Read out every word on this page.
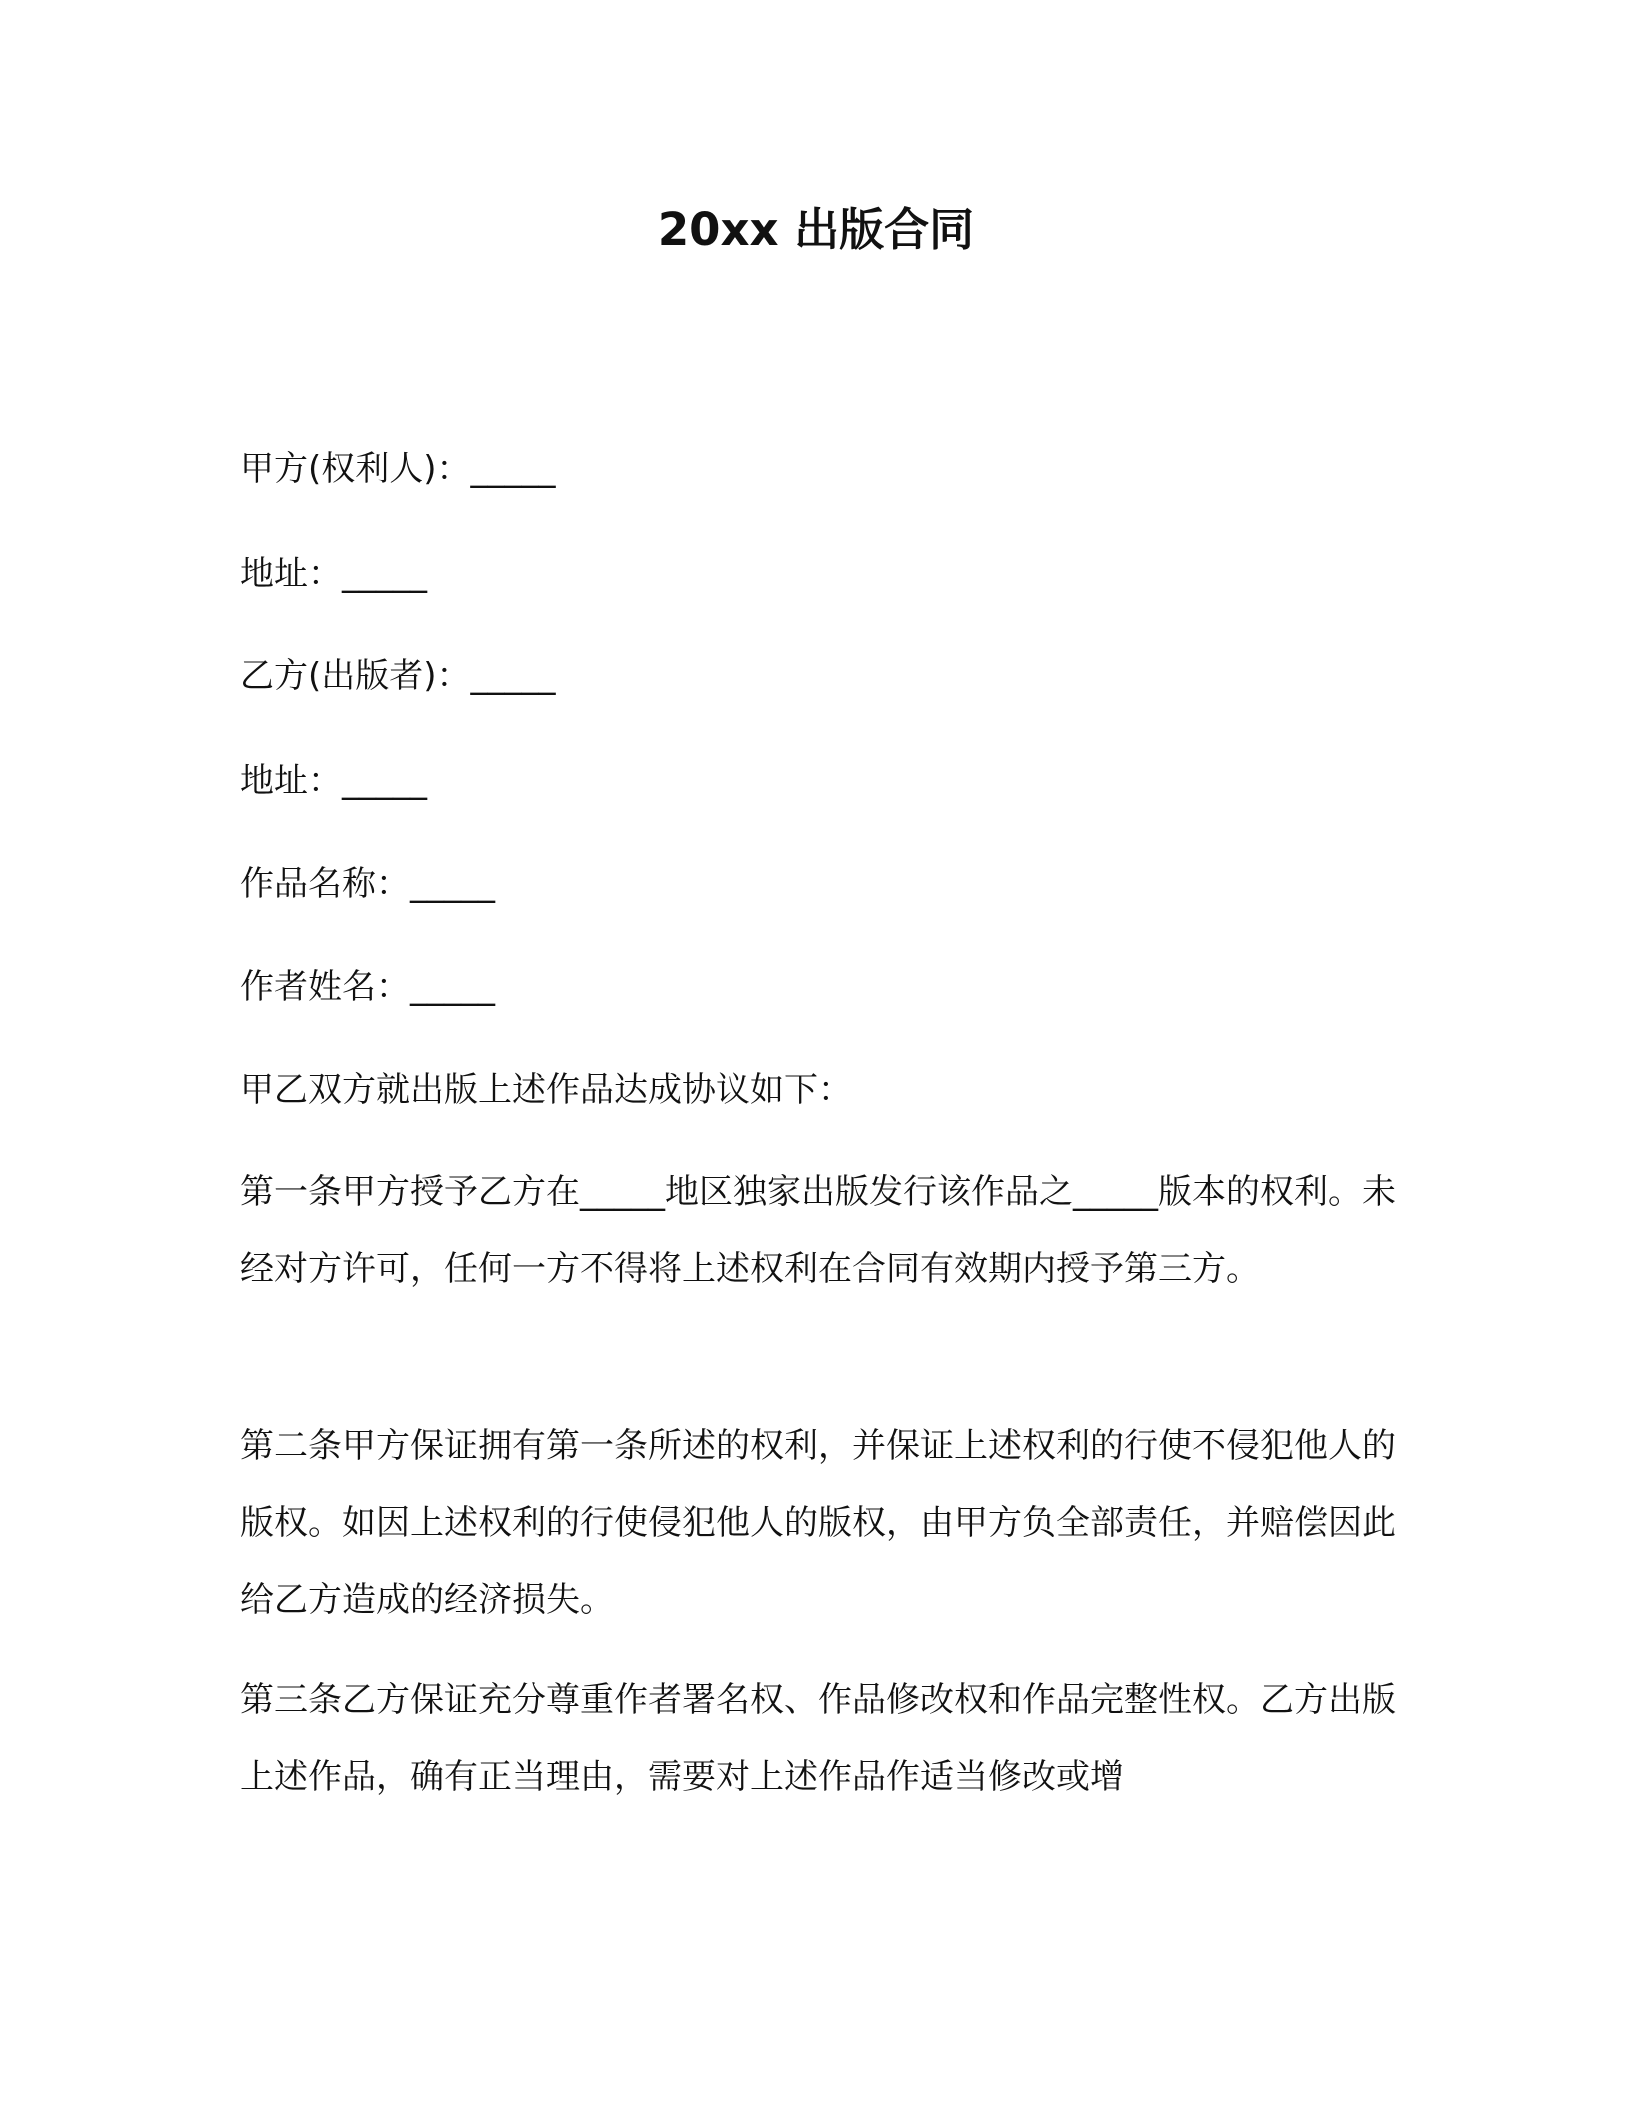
20xx 出版合同

甲方(权利人)：_____

地址：_____

乙方(出版者)：_____

地址：_____

作品名称：_____

作者姓名：_____

甲乙双方就出版上述作品达成协议如下：

第一条甲方授予乙方在_____地区独家出版发行该作品之_____版本的权利。未经对方许可，任何一方不得将上述权利在合同有效期内授予第三方。

第二条甲方保证拥有第一条所述的权利，并保证上述权利的行使不侵犯他人的版权。如因上述权利的行使侵犯他人的版权，由甲方负全部责任，并赔偿因此给乙方造成的经济损失。

第三条乙方保证充分尊重作者署名权、作品修改权和作品完整性权。乙方出版上述作品，确有正当理由，需要对上述作品作适当修改或增
